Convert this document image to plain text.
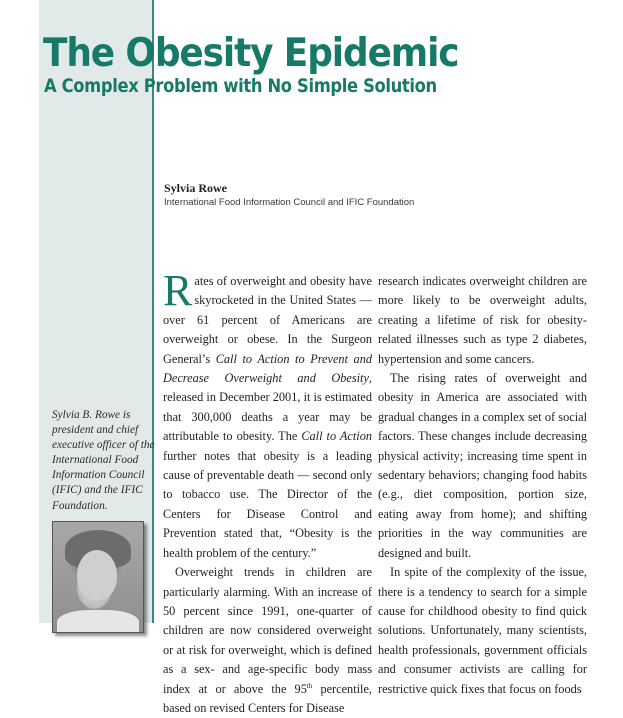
The Obesity Epidemic
A Complex Problem with No Simple Solution
Sylvia Rowe
International Food Information Council and IFIC Foundation
Sylvia B. Rowe is president and chief executive officer of the International Food Information Council (IFIC) and the IFIC Foundation.

Rates of overweight and obesity have skyrocketed in the United States — over 61 percent of Americans are overweight or obese. In the Surgeon General’s Call to Action to Prevent and Decrease Overweight and Obesity, released in December 2001, it is estimated that 300,000 deaths a year may be attributable to obesity. The Call to Action further notes that obesity is a leading cause of preventable death — second only to tobacco use. The Director of the Centers for Disease Control and Prevention stated that, “Obesity is the health problem of the century.”

Overweight trends in children are particularly alarming. With an increase of 50 percent since 1991, one-quarter of children are now considered overweight or at risk for overweight, which is defined as a sex- and age-specific body mass index at or above the 95th percentile, based on revised Centers for Disease

research indicates overweight children are more likely to be overweight adults, creating a lifetime of risk for obesity-related illnesses such as type 2 diabetes, hypertension and some cancers.

The rising rates of overweight and obesity in America are associated with gradual changes in a complex set of social factors. These changes include decreasing physical activity; increasing time spent in sedentary behaviors; changing food habits (e.g., diet composition, portion size, eating away from home); and shifting priorities in the way communities are designed and built.

In spite of the complexity of the issue, there is a tendency to search for a simple cause for childhood obesity to find quick solutions. Unfortunately, many scientists, health professionals, government officials and consumer activists are calling for restrictive quick fixes that focus on foods
